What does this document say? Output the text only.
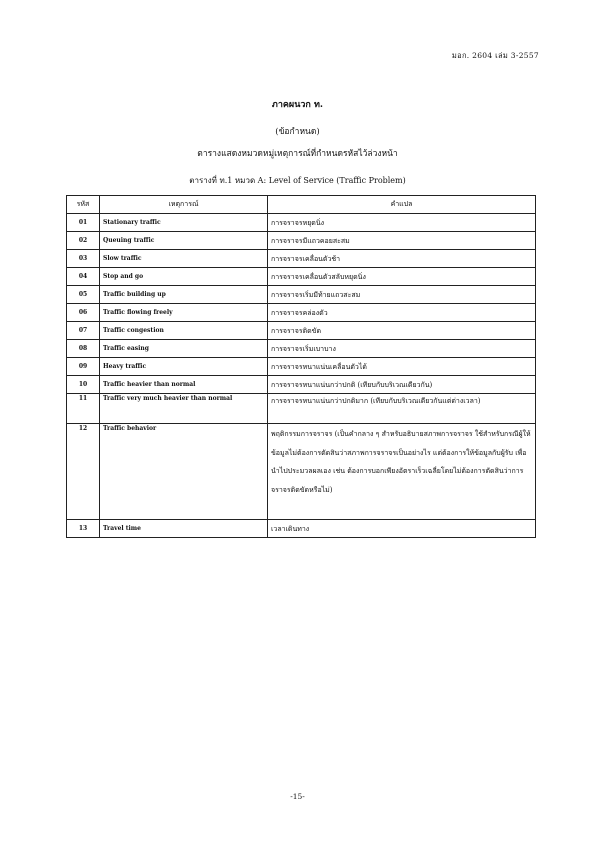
มอก. 2604 เล่ม 3-2557
ภาคผนวก ท.
(ข้อกำหนด)
ตารางแสดงหมวดหมู่เหตุการณ์ที่กำหนดรหัสไว้ล่วงหน้า
ตารางที่ ท.1 หมวด A: Level of Service (Traffic Problem)
รหัส	เหตุการณ์	คำแปล
01	Stationary traffic	การจราจรหยุดนิ่ง
02	Queuing traffic	การจราจรมีแถวคอยสะสม
03	Slow traffic	การจราจรเคลื่อนตัวช้า
04	Stop and go	การจราจรเคลื่อนตัวสลับหยุดนิ่ง
05	Traffic building up	การจราจรเริ่มมีท้ายแถวสะสม
06	Traffic flowing freely	การจราจรคล่องตัว
07	Traffic congestion	การจราจรติดขัด
08	Traffic easing	การจราจรเริ่มเบาบาง
09	Heavy traffic	การจราจรหนาแน่นเคลื่อนตัวได้
10	Traffic heavier than normal	การจราจรหนาแน่นกว่าปกติ (เทียบกับบริเวณเดียวกัน)
11	Traffic very much heavier than normal	การจราจรหนาแน่นกว่าปกติมาก (เทียบกับบริเวณเดียวกันแต่ต่างเวลา)
12	Traffic behavior	พฤติกรรมการจราจร (เป็นคำกลาง ๆ สำหรับอธิบายสภาพการจราจร ใช้สำหรับกรณีผู้ให้ข้อมูลไม่ต้องการตัดสินว่าสภาพการจราจรเป็นอย่างไร แต่ต้องการให้ข้อมูลกับผู้รับ เพื่อนำไปประมวลผลเอง เช่น ต้องการบอกเพียงอัตราเร็วเฉลี่ยโดยไม่ต้องการตัดสินว่าการจราจรติดขัดหรือไม่)
13	Travel time	เวลาเดินทาง
-15-
